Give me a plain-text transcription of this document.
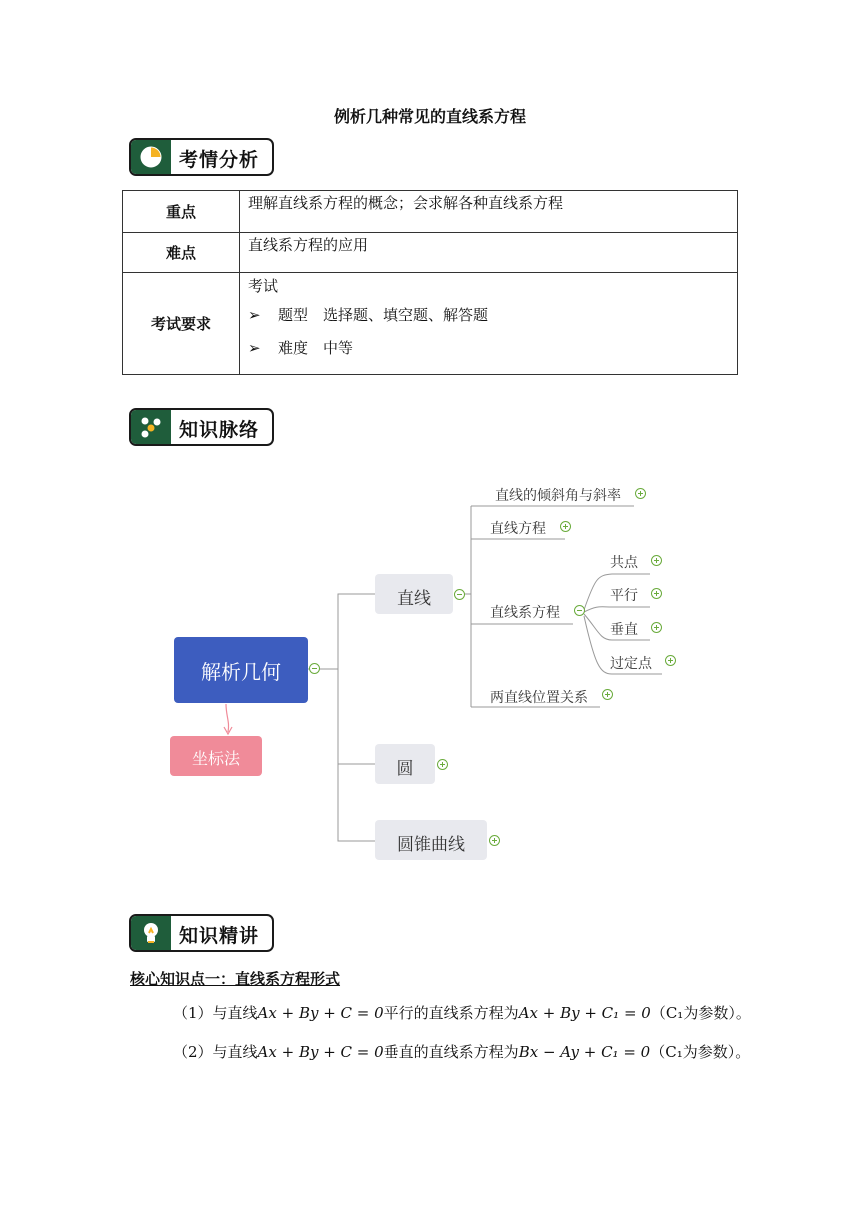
例析几种常见的直线系方程
考情分析
重点	理解直线系方程的概念；会求解各种直线系方程

难点	直线系方程的应用

考试要求	考试
➢ 题型　选择题、填空题、解答题
➢ 难度　中等
知识脉络
解析几何
坐标法
直线
圆
圆锥曲线
直线的倾斜角与斜率
直线方程
直线系方程
两直线位置关系
共点
平行
垂直
过定点
知识精讲
核心知识点一：直线系方程形式
（1）与直线Ax + By + C = 0平行的直线系方程为Ax + By + C₁ = 0（C₁为参数）。
（2）与直线Ax + By + C = 0垂直的直线系方程为Bx − Ay + C₁ = 0（C₁为参数）。
